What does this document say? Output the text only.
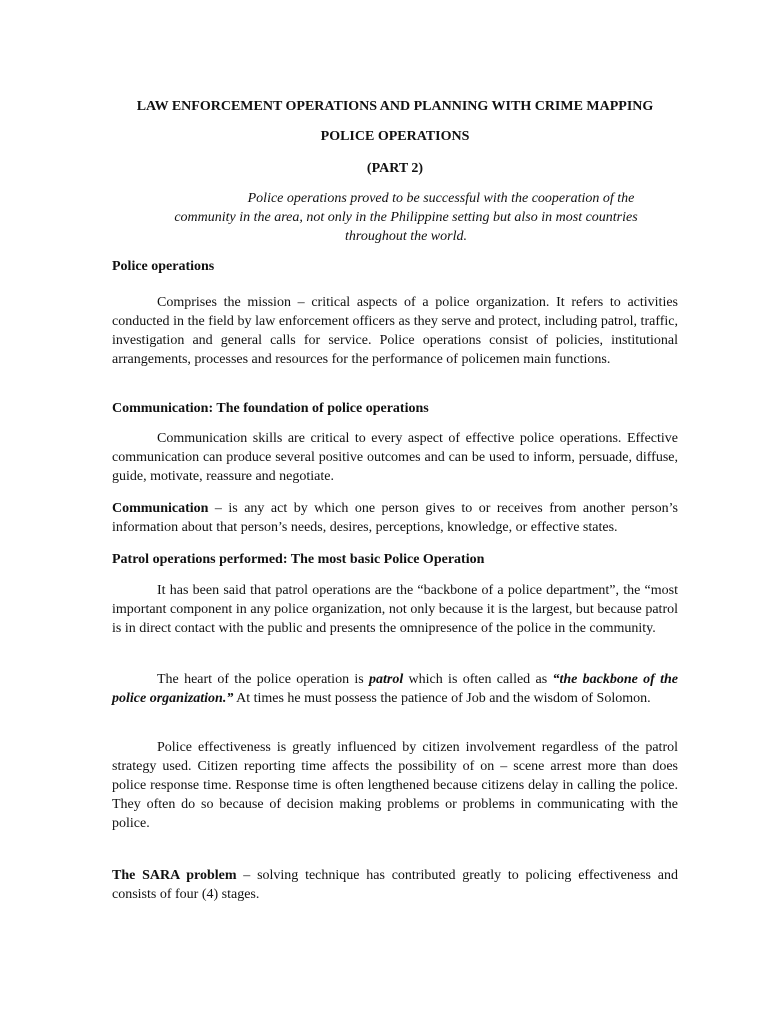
LAW ENFORCEMENT OPERATIONS AND PLANNING WITH CRIME MAPPING

POLICE OPERATIONS

(PART 2)

Police operations proved to be successful with the cooperation of the community in the area, not only in the Philippine setting but also in most countries throughout the world.

Police operations

Comprises the mission – critical aspects of a police organization. It refers to activities conducted in the field by law enforcement officers as they serve and protect, including patrol, traffic, investigation and general calls for service. Police operations consist of policies, institutional arrangements, processes and resources for the performance of policemen main functions.

Communication: The foundation of police operations

Communication skills are critical to every aspect of effective police operations. Effective communication can produce several positive outcomes and can be used to inform, persuade, diffuse, guide, motivate, reassure and negotiate.

Communication – is any act by which one person gives to or receives from another person’s information about that person’s needs, desires, perceptions, knowledge, or effective states.

Patrol operations performed: The most basic Police Operation

It has been said that patrol operations are the “backbone of a police department”, the “most important component in any police organization, not only because it is the largest, but because patrol is in direct contact with the public and presents the omnipresence of the police in the community.

The heart of the police operation is patrol which is often called as “the backbone of the police organization.” At times he must possess the patience of Job and the wisdom of Solomon.

Police effectiveness is greatly influenced by citizen involvement regardless of the patrol strategy used. Citizen reporting time affects the possibility of on – scene arrest more than does police response time. Response time is often lengthened because citizens delay in calling the police. They often do so because of decision making problems or problems in communicating with the police.

The SARA problem – solving technique has contributed greatly to policing effectiveness and consists of four (4) stages.
